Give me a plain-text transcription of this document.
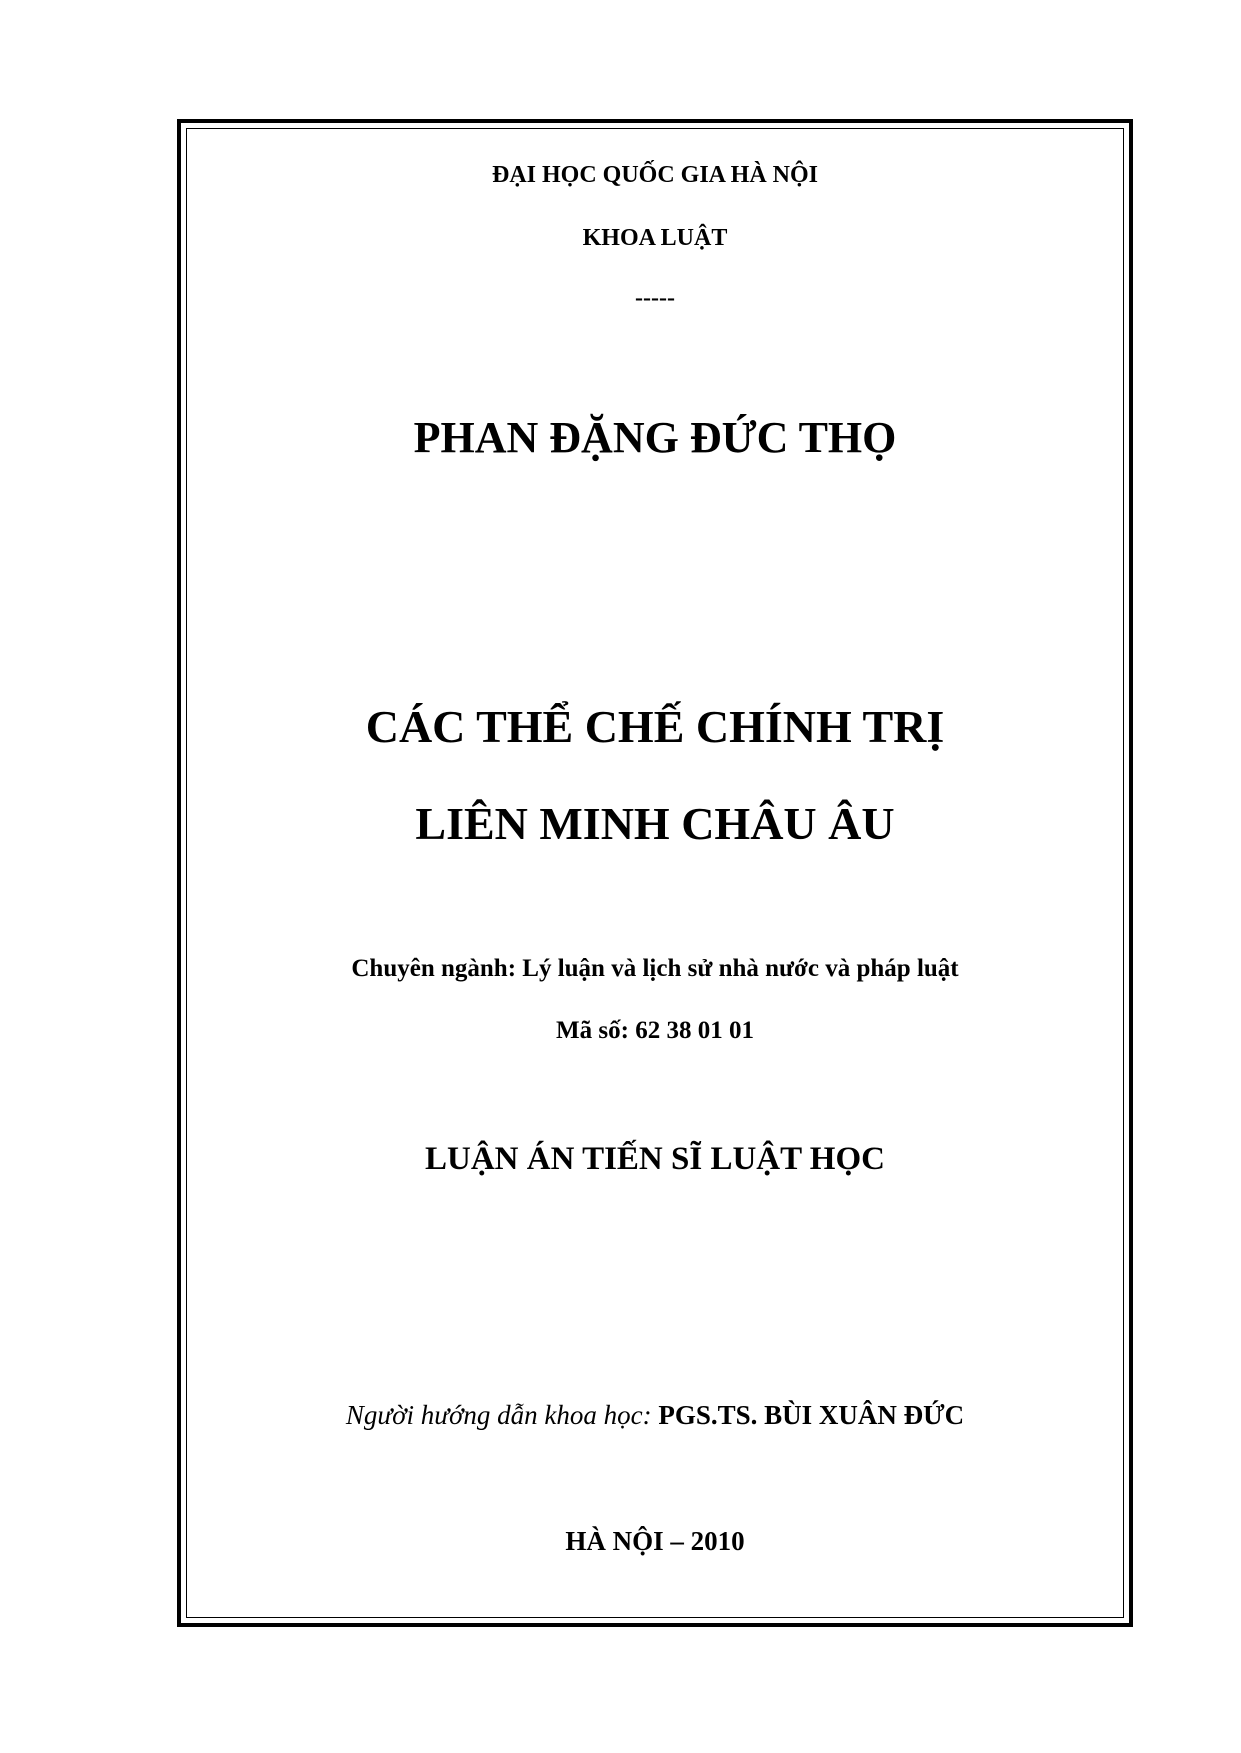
ĐẠI HỌC QUỐC GIA HÀ NỘI
KHOA LUẬT
-----
PHAN ĐẶNG ĐỨC THỌ
CÁC THỂ CHẾ CHÍNH TRỊ
LIÊN MINH CHÂU ÂU
Chuyên ngành: Lý luận và lịch sử nhà nước và pháp luật
Mã số: 62 38 01 01
LUẬN ÁN TIẾN SĨ LUẬT HỌC
Người hướng dẫn khoa học: PGS.TS. BÙI XUÂN ĐỨC
HÀ NỘI – 2010
